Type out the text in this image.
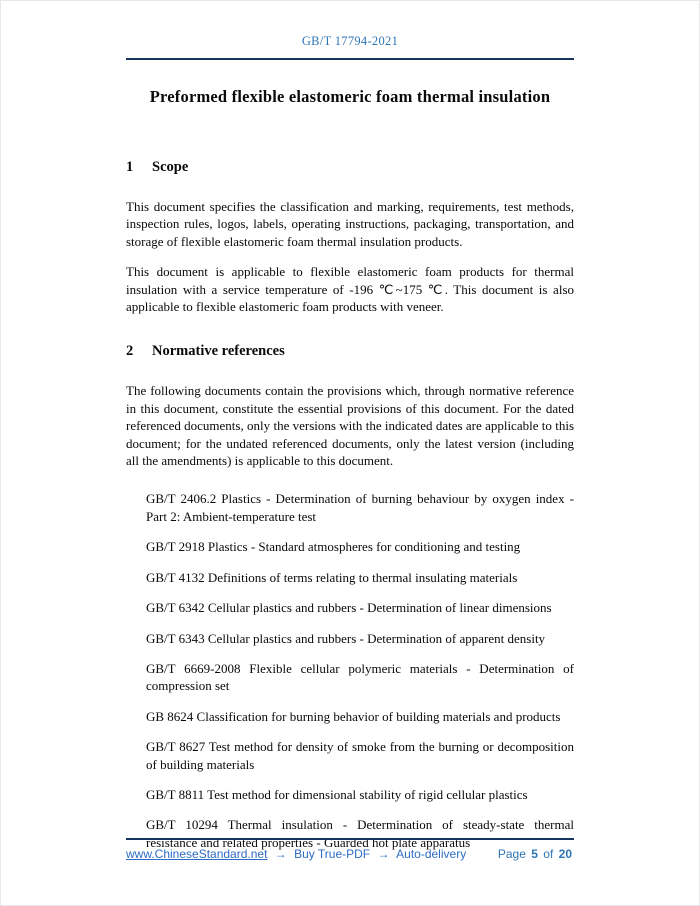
GB/T 17794-2021
Preformed flexible elastomeric foam thermal insulation
1 Scope

This document specifies the classification and marking, requirements, test methods, inspection rules, logos, labels, operating instructions, packaging, transportation, and storage of flexible elastomeric foam thermal insulation products.

This document is applicable to flexible elastomeric foam products for thermal insulation with a service temperature of -196 ℃~175 ℃. This document is also applicable to flexible elastomeric foam products with veneer.

2 Normative references

The following documents contain the provisions which, through normative reference in this document, constitute the essential provisions of this document. For the dated referenced documents, only the versions with the indicated dates are applicable to this document; for the undated referenced documents, only the latest version (including all the amendments) is applicable to this document.

GB/T 2406.2 Plastics - Determination of burning behaviour by oxygen index - Part 2: Ambient-temperature test
GB/T 2918 Plastics - Standard atmospheres for conditioning and testing
GB/T 4132 Definitions of terms relating to thermal insulating materials
GB/T 6342 Cellular plastics and rubbers - Determination of linear dimensions
GB/T 6343 Cellular plastics and rubbers - Determination of apparent density
GB/T 6669-2008 Flexible cellular polymeric materials - Determination of compression set
GB 8624 Classification for burning behavior of building materials and products
GB/T 8627 Test method for density of smoke from the burning or decomposition of building materials
GB/T 8811 Test method for dimensional stability of rigid cellular plastics
GB/T 10294 Thermal insulation - Determination of steady-state thermal resistance and related properties - Guarded hot plate apparatus
www.ChineseStandard.net → Buy True-PDF → Auto-delivery	Page 5 of 20
